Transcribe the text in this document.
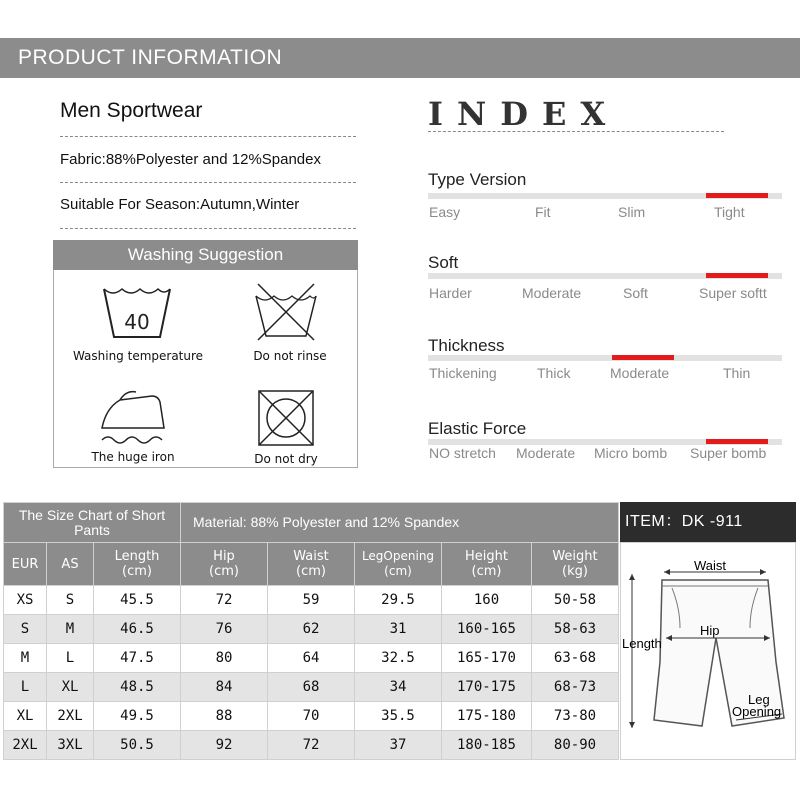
PRODUCT INFORMATION
Men Sportwear
Fabric:88%Polyester and 12%Spandex
Suitable For Season:Autumn,Winter
Washing Suggestion
40
Washing temperature	Do not rinse
The huge iron	Do not dry
INDEX
Type Version
Easy	Fit	Slim	Tight
Soft
Harder	Moderate	Soft	Super softt
Thickness
Thickening	Thick	Moderate	Thin
Elastic Force
NO stretch Moderate Micro bomb Super bomb
The Size Chart of Short Pants			Material: 88% Polyester and 12% Spandex				
EUR	AS	Length (cm)	Hip (cm)	Waist (cm)	LegOpening (cm)	Height (cm)	Weight (kg)
XS	S	45.5	72	59	29.5	160	50-58
S	M	46.5	76	62	31	160-165	58-63
M	L	47.5	80	64	32.5	165-170	63-68
L	XL	48.5	84	68	34	170-175	68-73
XL	2XL	49.5	88	70	35.5	175-180	73-80
2XL	3XL	50.5	92	72	37	180-185	80-90
ITEM：DK -911
Waist
Hip
Length
Leg
Opening
